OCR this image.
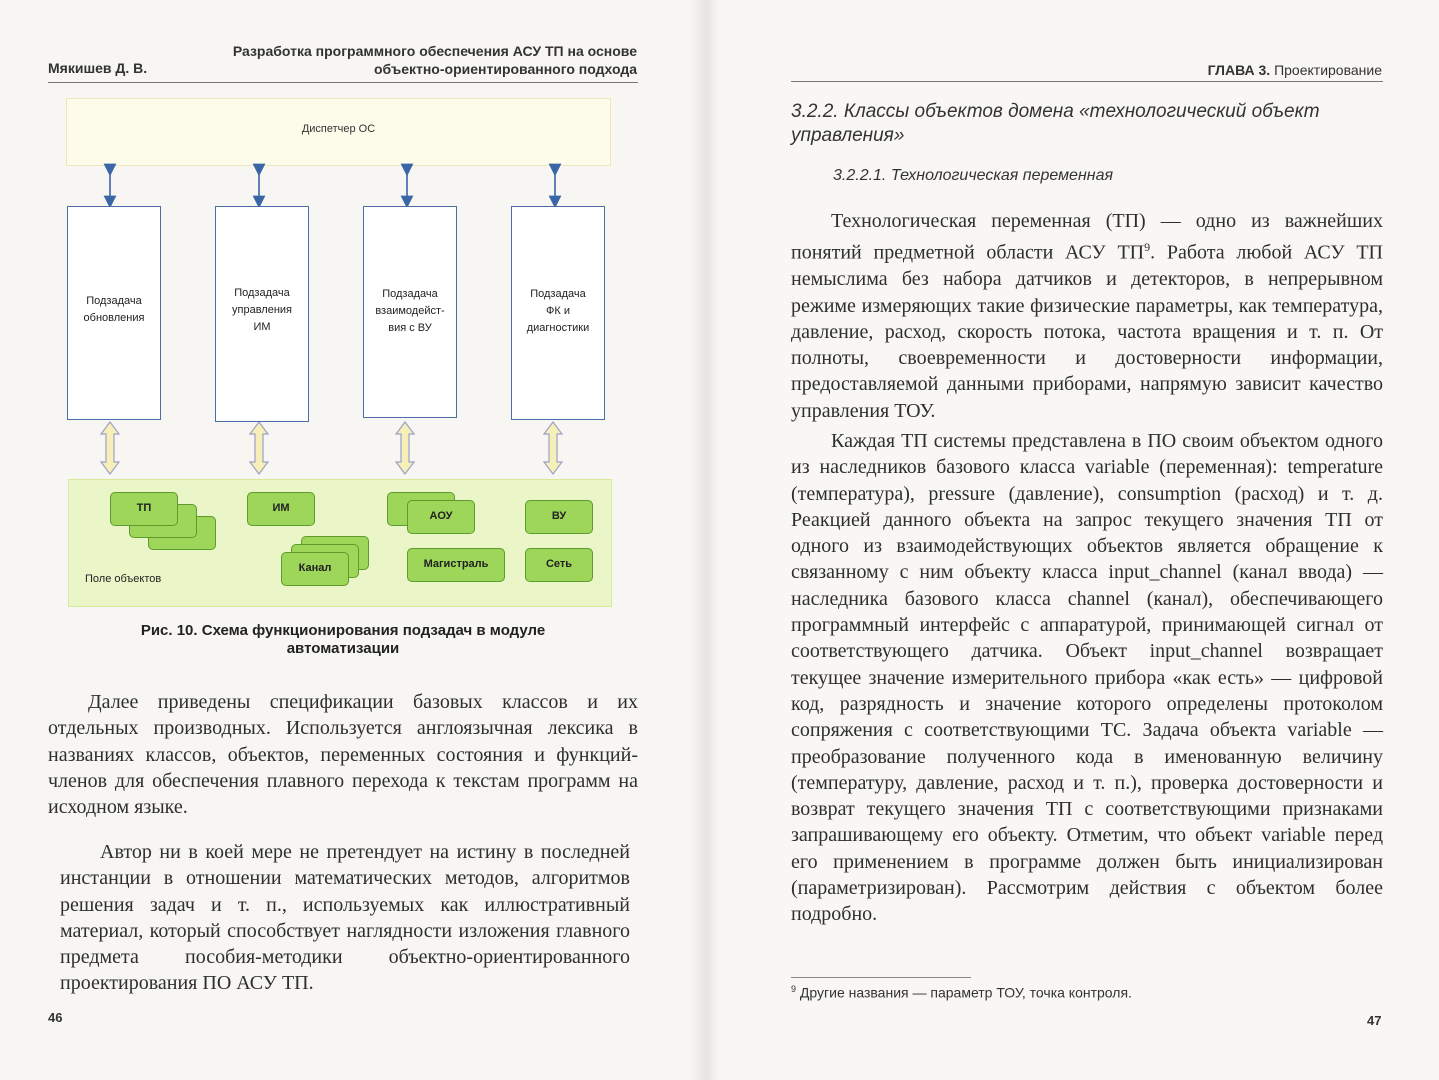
Мякишев Д. В.
Разработка программного обеспечения АСУ ТП на основе
объектно-ориентированного подхода
Диспетчер ОС
Подзадача
обновления
Подзадача
управления
ИМ
Подзадача
взаимодейст-
вия с ВУ
Подзадача
ФК и
диагностики
ТП	ИМ
Канал
АОУ
Магистраль
ВУ
Сеть
Поле объектов
Рис. 10. Схема функционирования подзадач в модуле
автоматизации

Далее приведены спецификации базовых классов и их отдельных производных. Используется англоязычная лексика в названиях классов, объектов, переменных состояния и функций-членов для обеспечения плавного перехода к текстам программ на исходном языке.

Автор ни в коей мере не претендует на истину в последней инстанции в отношении математических методов, алгоритмов решения задач и т. п., используемых как иллюстративный материал, который способствует наглядности изложения главного предмета пособия-методики объектно-ориентированного проектирования ПО АСУ ТП.

46
ГЛАВА 3. Проектирование
3.2.2. Классы объектов домена «технологический объект управления»
3.2.2.1. Технологическая переменная

Технологическая переменная (ТП) — одно из важнейших понятий предметной области АСУ $ТП^9$. Работа любой АСУ ТП немыслима без набора датчиков и детекторов, в непрерывном режиме измеряющих такие физические параметры, как температура, давление, расход, скорость потока, частота вращения и т. п. От полноты, своевременности и достоверности информации, предоставляемой данными приборами, напрямую зависит качество управления ТОУ.

Каждая ТП системы представлена в ПО своим объектом одного из наследников базового класса variable (переменная): temperature (температура), pressure (давление), consumption (расход) и т. д. Реакцией данного объекта на запрос текущего значения ТП от одного из взаимодействующих объектов является обращение к связанному с ним объекту класса input_channel (канал ввода) — наследника базового класса channel (канал), обеспечивающего программный интерфейс с аппаратурой, принимающей сигнал от соответствующего датчика. Объект input_channel возвращает текущее значение измерительного прибора «как есть» — цифровой код, разрядность и значение которого определены протоколом сопряжения с соответствующими ТС. Задача объекта variable — преобразование полученного кода в именованную величину (температуру, давление, расход и т. п.), проверка достоверности и возврат текущего значения ТП с соответствующими признаками запрашивающему его объекту. Отметим, что объект variable перед его применением в программе должен быть инициализирован (параметризирован). Рассмотрим действия с объектом более подробно.

$^9$ Другие названия — параметр ТОУ, точка контроля.
47
